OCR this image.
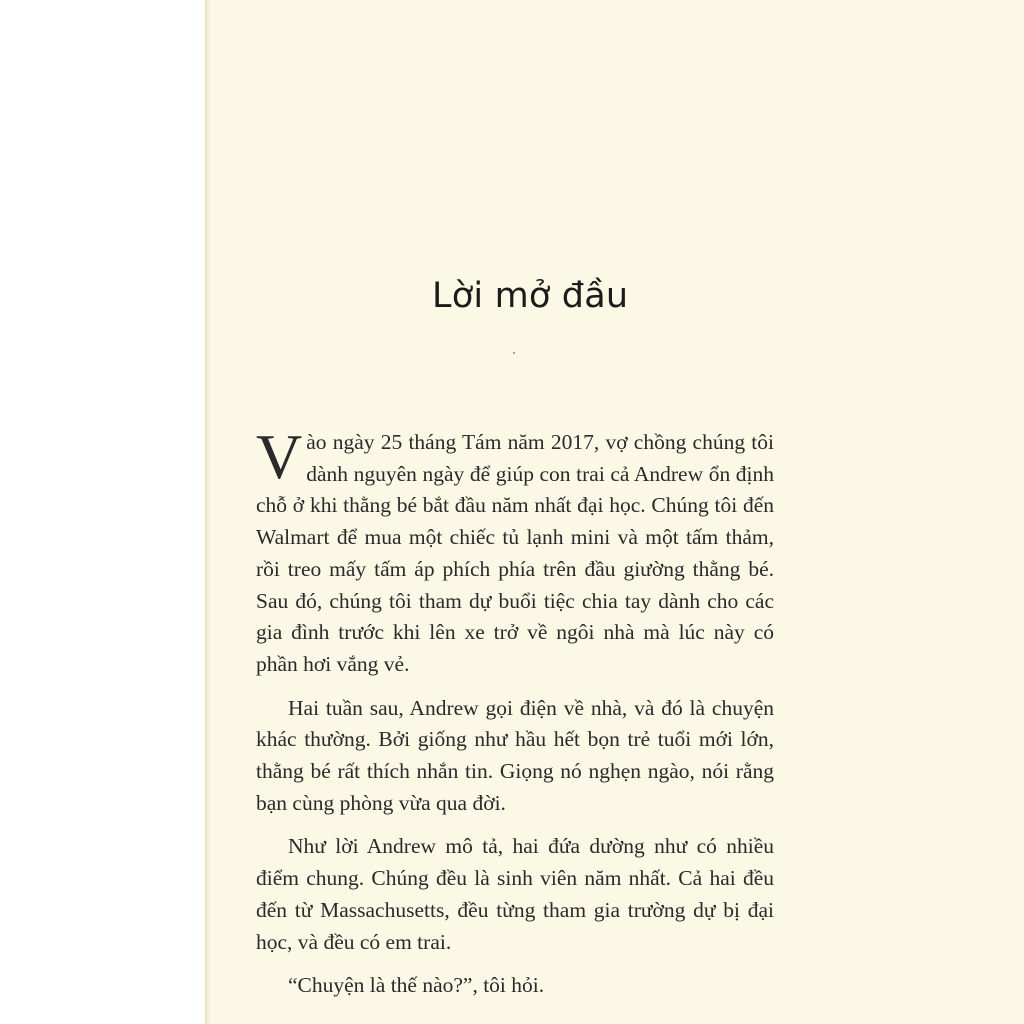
Lời mở đầu

Vào ngày 25 tháng Tám năm 2017, vợ chồng chúng tôi dành nguyên ngày để giúp con trai cả Andrew ổn định chỗ ở khi thằng bé bắt đầu năm nhất đại học. Chúng tôi đến Walmart để mua một chiếc tủ lạnh mini và một tấm thảm, rồi treo mấy tấm áp phích phía trên đầu giường thằng bé. Sau đó, chúng tôi tham dự buổi tiệc chia tay dành cho các gia đình trước khi lên xe trở về ngôi nhà mà lúc này có phần hơi vắng vẻ.

Hai tuần sau, Andrew gọi điện về nhà, và đó là chuyện khác thường. Bởi giống như hầu hết bọn trẻ tuổi mới lớn, thằng bé rất thích nhắn tin. Giọng nó nghẹn ngào, nói rằng bạn cùng phòng vừa qua đời.

Như lời Andrew mô tả, hai đứa dường như có nhiều điểm chung. Chúng đều là sinh viên năm nhất. Cả hai đều đến từ Massachusetts, đều từng tham gia trường dự bị đại học, và đều có em trai.

“Chuyện là thế nào?”, tôi hỏi.
